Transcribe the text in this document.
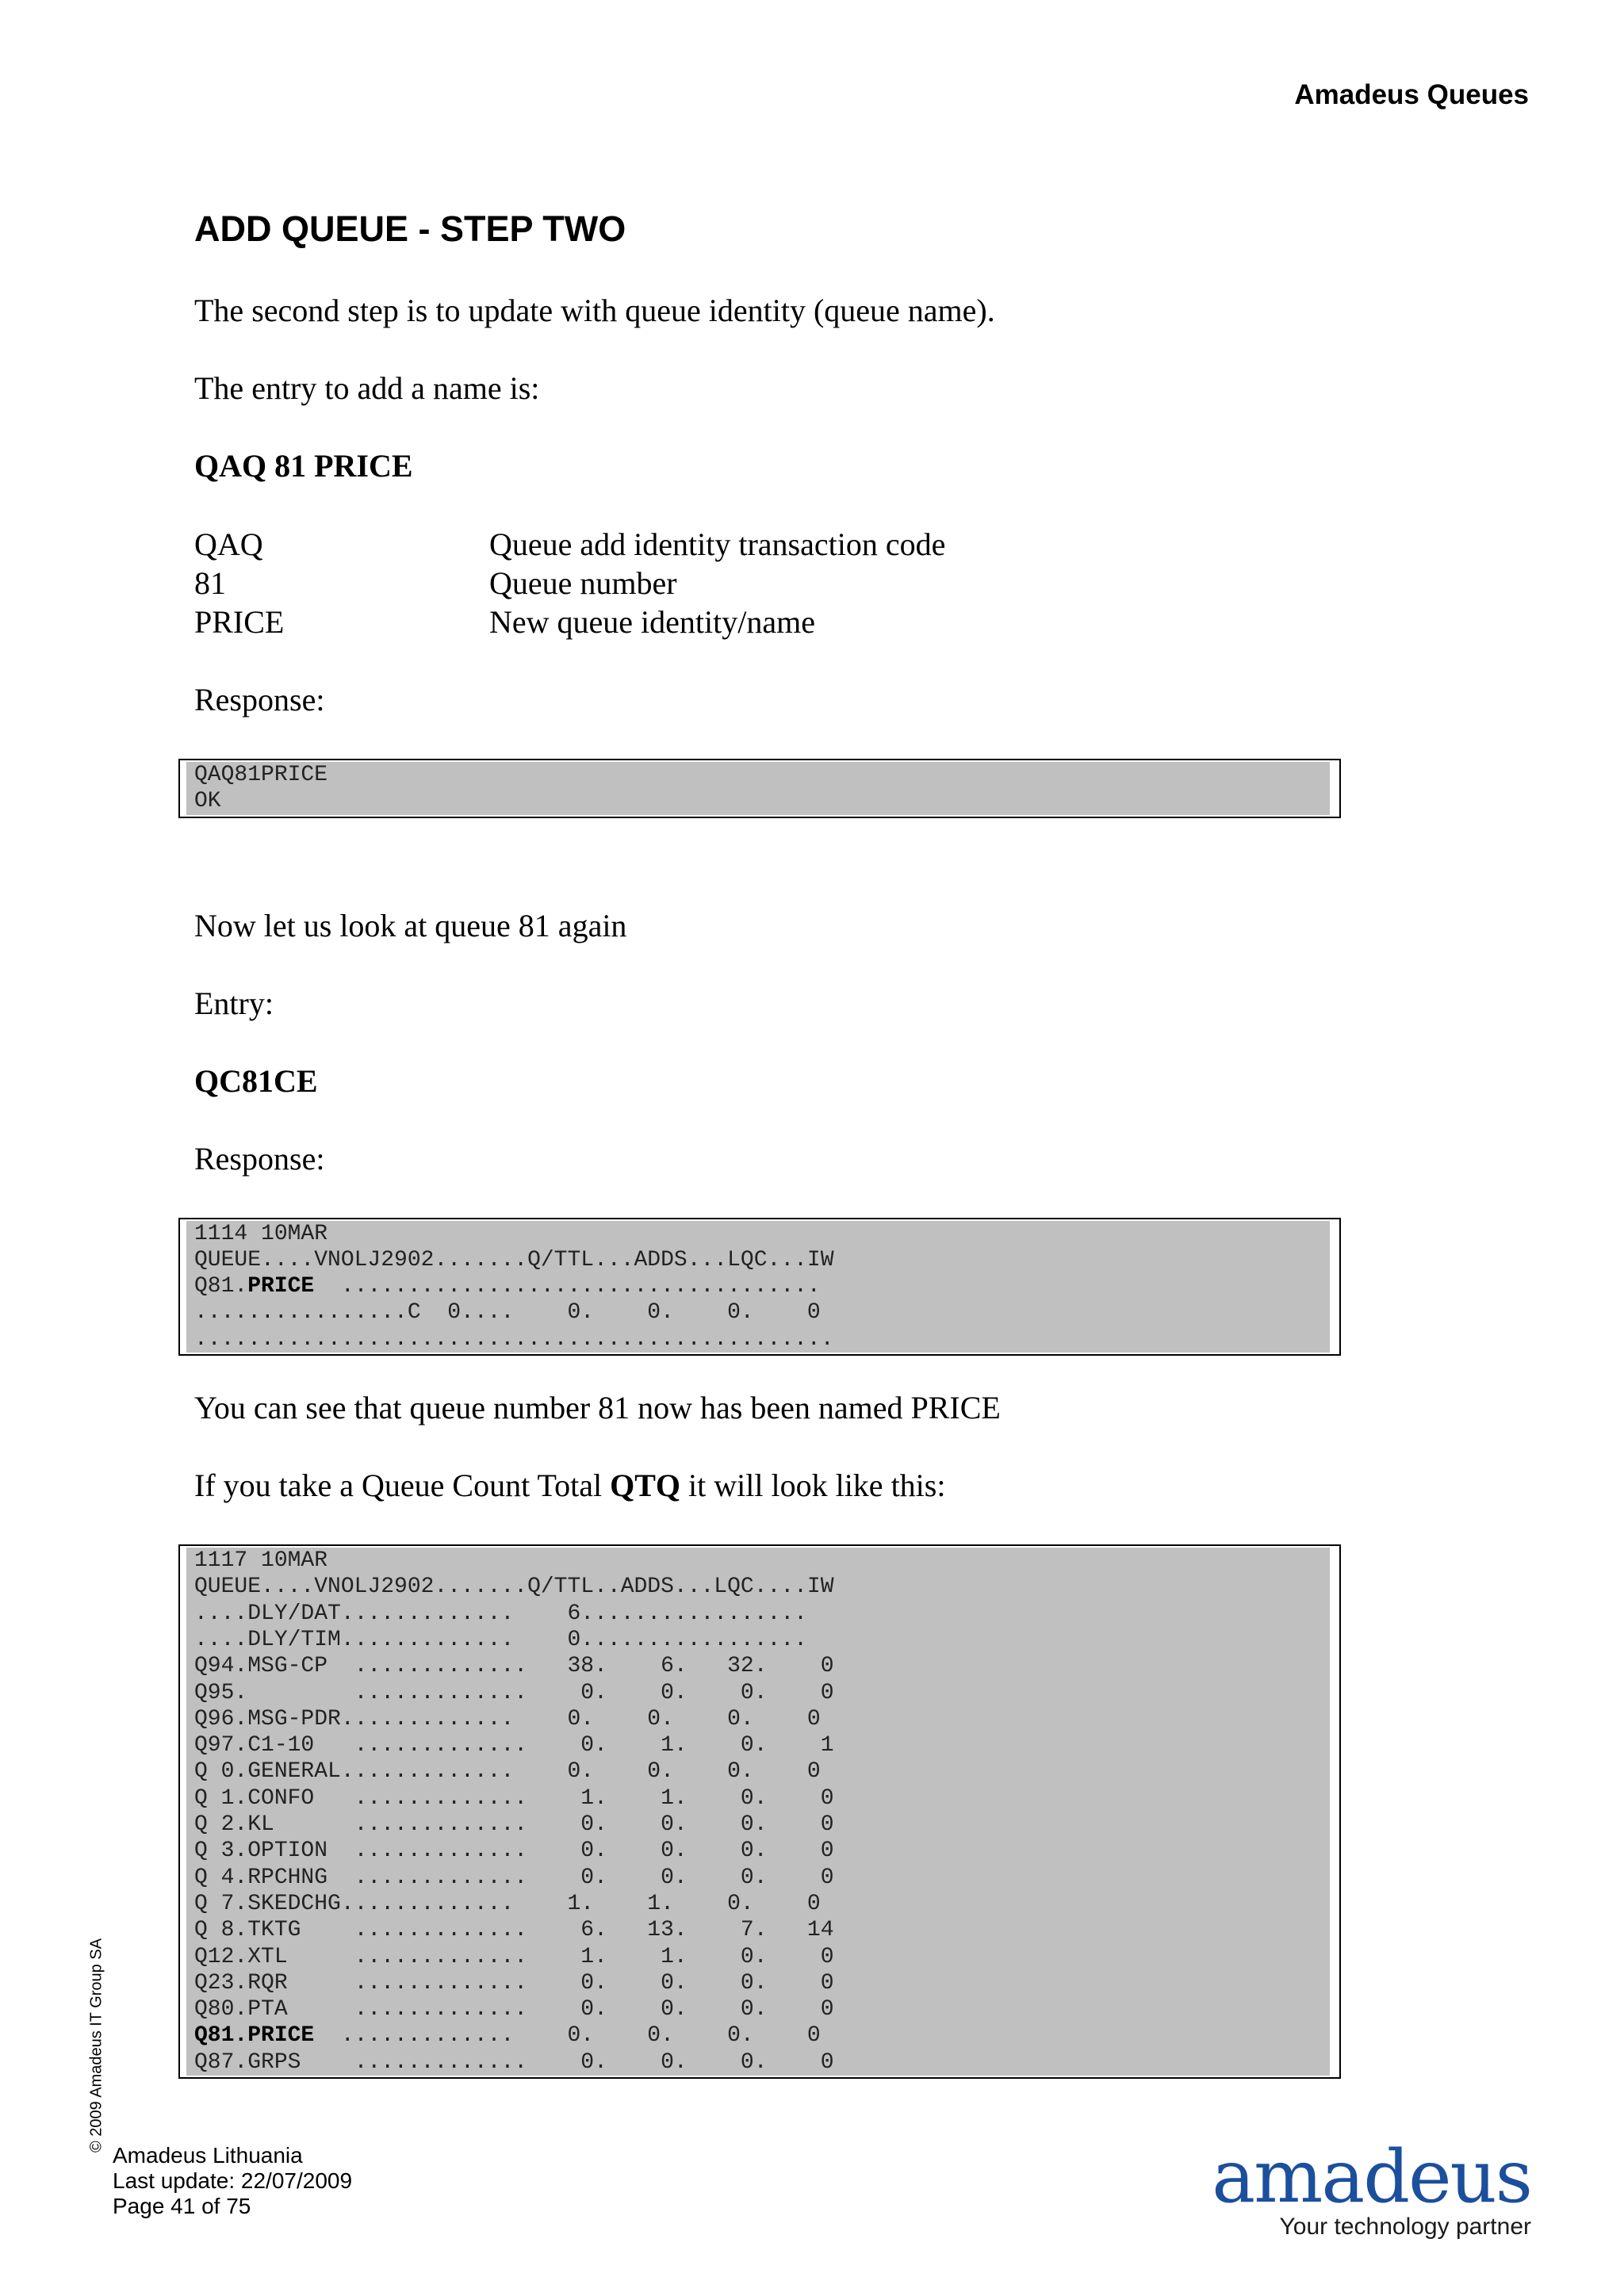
Amadeus Queues
ADD QUEUE - STEP TWO

The second step is to update with queue identity (queue name).

The entry to add a name is:

QAQ 81 PRICE

QAQ	Queue add identity transaction code
81	Queue number
PRICE	New queue identity/name

Response:

QAQ81PRICE
OK

Now let us look at queue 81 again

Entry:

QC81CE

Response:

1114 10MAR
QUEUE....VNOLJ2902.......Q/TTL...ADDS...LQC...IW
Q81.PRICE  ....................................
................C  0....    0.    0.    0.    0
................................................

You can see that queue number 81 now has been named PRICE

If you take a Queue Count Total QTQ it will look like this:

1117 10MAR
QUEUE....VNOLJ2902.......Q/TTL..ADDS...LQC....IW
....DLY/DAT.............    6.................
....DLY/TIM.............    0.................
Q94.MSG-CP  .............   38.    6.   32.    0
Q95.        .............    0.    0.    0.    0
Q96.MSG-PDR.............    0.    0.    0.    0
Q97.C1-10   .............    0.    1.    0.    1
Q 0.GENERAL.............    0.    0.    0.    0
Q 1.CONFO   .............    1.    1.    0.    0
Q 2.KL      .............    0.    0.    0.    0
Q 3.OPTION  .............    0.    0.    0.    0
Q 4.RPCHNG  .............    0.    0.    0.    0
Q 7.SKEDCHG.............    1.    1.    0.    0
Q 8.TKTG    .............    6.   13.    7.   14
Q12.XTL     .............    1.    1.    0.    0
Q23.RQR     .............    0.    0.    0.    0
Q80.PTA     .............    0.    0.    0.    0
Q81.PRICE  .............    0.    0.    0.    0
Q87.GRPS    .............    0.    0.    0.    0
© 2009 Amadeus IT Group SA
Amadeus Lithuania
Last update: 22/07/2009
Page 41 of 75	amadeus
Your technology partner
